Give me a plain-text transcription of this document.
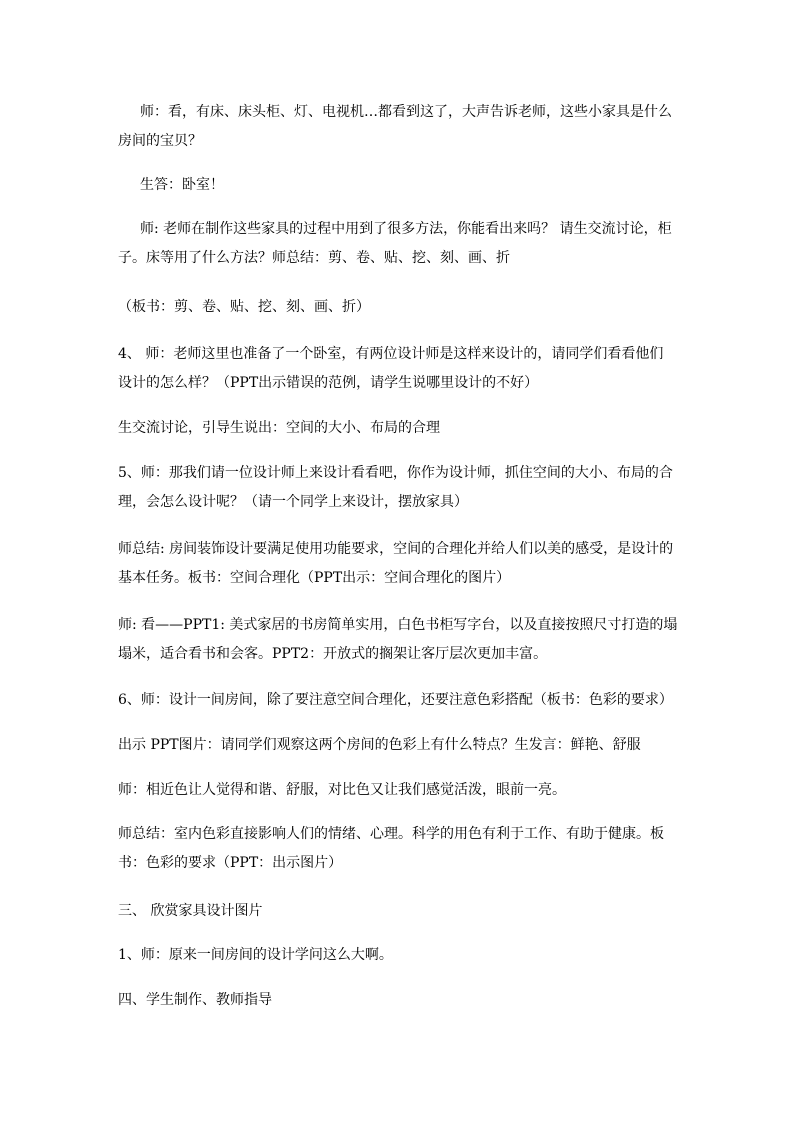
师：看，有床、床头柜、灯、电视机…都看到这了，大声告诉老师，这些小家具是什么
房间的宝贝？

生答：卧室！

师: 老师在制作这些家具的过程中用到了很多方法，你能看出来吗？ 请生交流讨论，柜
子。床等用了什么方法？师总结：剪、卷、贴、挖、刻、画、折

（板书：剪、卷、贴、挖、刻、画、折）

4、 师：老师这里也准备了一个卧室，有两位设计师是这样来设计的，请同学们看看他们
设计的怎么样？（PPT出示错误的范例，请学生说哪里设计的不好）

生交流讨论，引导生说出：空间的大小、布局的合理

5、师：那我们请一位设计师上来设计看看吧，你作为设计师，抓住空间的大小、布局的合
理，会怎么设计呢？（请一个同学上来设计，摆放家具）

师总结: 房间装饰设计要满足使用功能要求，空间的合理化并给人们以美的感受，是设计的
基本任务。板书：空间合理化（PPT出示：空间合理化的图片）

师: 看——PPT1: 美式家居的书房简单实用，白色书柜写字台，以及直接按照尺寸打造的塌
塌米，适合看书和会客。PPT2：开放式的搁架让客厅层次更加丰富。

6、师：设计一间房间，除了要注意空间合理化，还要注意色彩搭配（板书：色彩的要求）

出示 PPT图片：请同学们观察这两个房间的色彩上有什么特点？生发言：鲜艳、舒服

师：相近色让人觉得和谐、舒服，对比色又让我们感觉活泼，眼前一亮。

师总结：室内色彩直接影响人们的情绪、心理。科学的用色有利于工作、有助于健康。板
书：色彩的要求（PPT：出示图片）

三、 欣赏家具设计图片

1、师：原来一间房间的设计学问这么大啊。

四、学生制作、教师指导
